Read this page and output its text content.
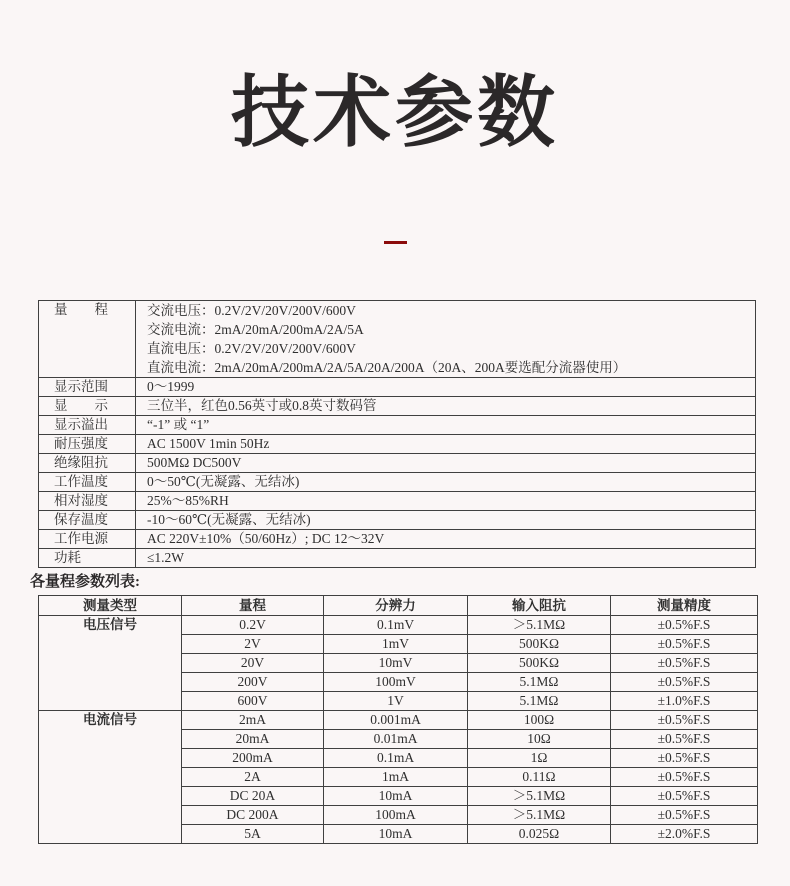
技术参数
量　　程	交流电压：0.2V/2V/20V/200V/600V
交流电流：2mA/20mA/200mA/2A/5A
直流电压：0.2V/2V/20V/200V/600V
直流电流：2mA/20mA/200mA/2A/5A/20A/200A（20A、200A要选配分流器使用）

显示范围	0～1999
显　　示	三位半，红色0.56英寸或0.8英寸数码管
显示溢出	“-1” 或 “1”
耐压强度	AC 1500V 1min 50Hz
绝缘阻抗	500MΩ DC500V
工作温度	0～50℃(无凝露、无结冰)
相对湿度	25%～85%RH
保存温度	-10～60℃(无凝露、无结冰)
工作电源	AC 220V±10%（50/60Hz）; DC 12～32V
功耗	≤1.2W
各量程参数列表:
测量类型	量程	分辨力	输入阻抗	测量精度
电压信号	0.2V	0.1mV	＞5.1MΩ	±0.5%F.S
	2V	1mV	500KΩ	±0.5%F.S
	20V	10mV	500KΩ	±0.5%F.S
	200V	100mV	5.1MΩ	±0.5%F.S
	600V	1V	5.1MΩ	±1.0%F.S
电流信号	2mA	0.001mA	100Ω	±0.5%F.S
	20mA	0.01mA	10Ω	±0.5%F.S
	200mA	0.1mA	1Ω	±0.5%F.S
	2A	1mA	0.11Ω	±0.5%F.S
	DC 20A	10mA	＞5.1MΩ	±0.5%F.S
	DC 200A	100mA	＞5.1MΩ	±0.5%F.S
	5A	10mA	0.025Ω	±2.0%F.S
